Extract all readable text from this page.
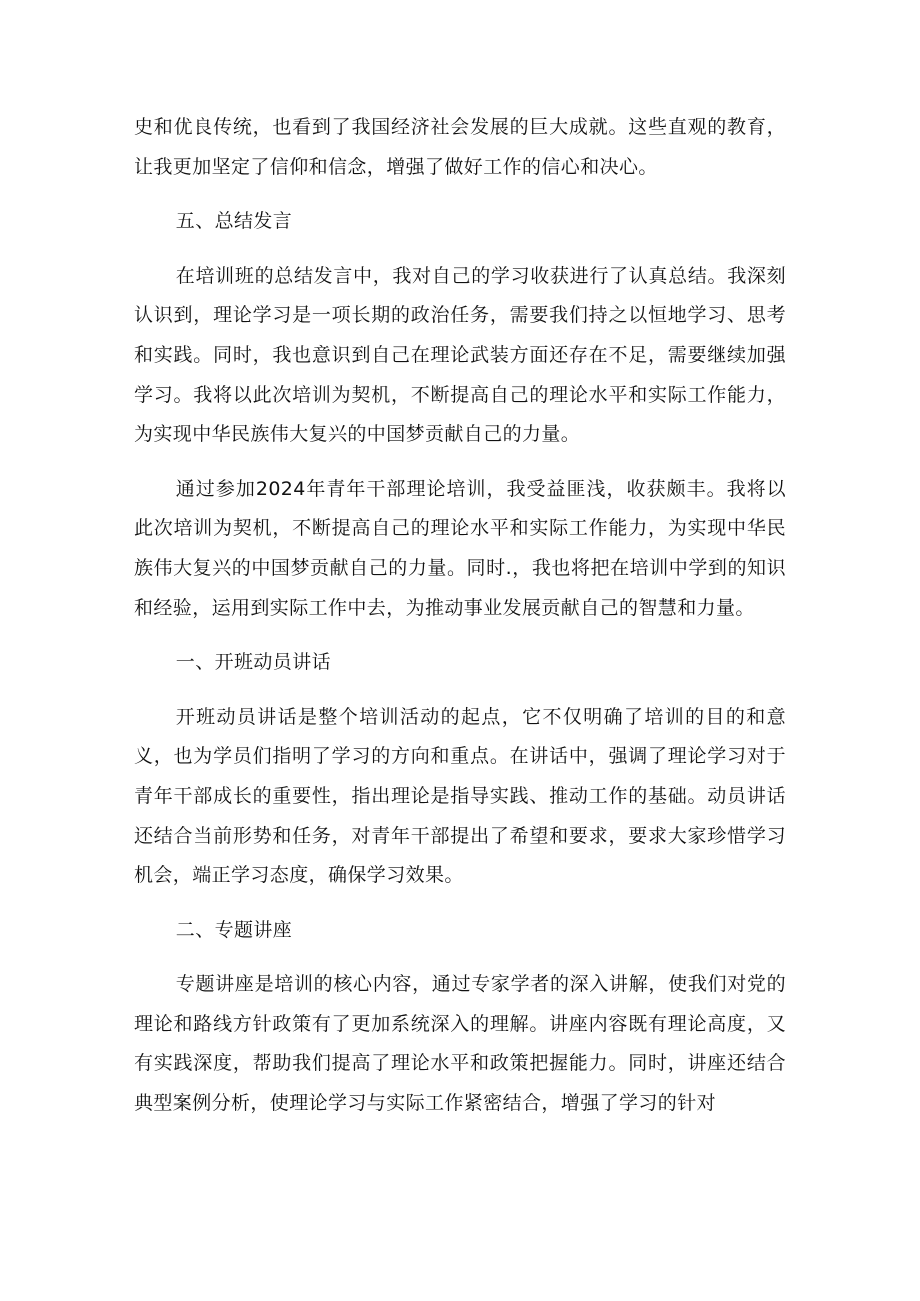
史和优良传统，也看到了我国经济社会发展的巨大成就。这些直观的教育，让我更加坚定了信仰和信念，增强了做好工作的信心和决心。

五、总结发言

在培训班的总结发言中，我对自己的学习收获进行了认真总结。我深刻认识到，理论学习是一项长期的政治任务，需要我们持之以恒地学习、思考和实践。同时，我也意识到自己在理论武装方面还存在不足，需要继续加强学习。我将以此次培训为契机，不断提高自己的理论水平和实际工作能力，为实现中华民族伟大复兴的中国梦贡献自己的力量。

通过参加2024年青年干部理论培训，我受益匪浅，收获颇丰。我将以此次培训为契机，不断提高自己的理论水平和实际工作能力，为实现中华民族伟大复兴的中国梦贡献自己的力量。同时.，我也将把在培训中学到的知识和经验，运用到实际工作中去，为推动事业发展贡献自己的智慧和力量。

一、开班动员讲话

开班动员讲话是整个培训活动的起点，它不仅明确了培训的目的和意义，也为学员们指明了学习的方向和重点。在讲话中，强调了理论学习对于青年干部成长的重要性，指出理论是指导实践、推动工作的基础。动员讲话还结合当前形势和任务，对青年干部提出了希望和要求，要求大家珍惜学习机会，端正学习态度，确保学习效果。

二、专题讲座

专题讲座是培训的核心内容，通过专家学者的深入讲解，使我们对党的理论和路线方针政策有了更加系统深入的理解。讲座内容既有理论高度，又有实践深度，帮助我们提高了理论水平和政策把握能力。同时，讲座还结合典型案例分析，使理论学习与实际工作紧密结合，增强了学习的针对
